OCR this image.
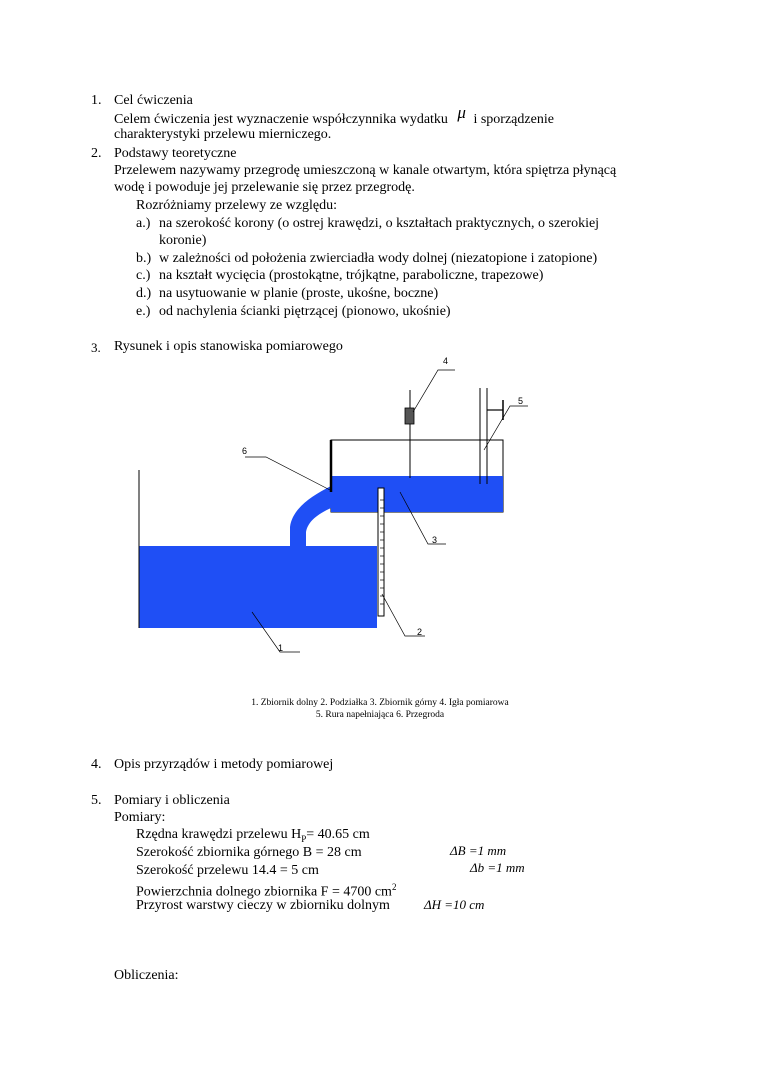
1. Cel ćwiczenia
Celem ćwiczenia jest wyznaczenie współczynnika wydatku μ i sporządzenie
charakterystyki przelewu mierniczego.
2. Podstawy teoretyczne
Przelewem nazywamy przegrodę umieszczoną w kanale otwartym, która spiętrza płynącą
wodę i powoduje jej przelewanie się przez przegrodę.
Rozróżniamy przelewy ze względu:
a.) na szerokość korony (o ostrej krawędzi, o kształtach praktycznych, o szerokiej
koronie)
b.) w zależności od położenia zwierciadła wody dolnej (niezatopione i zatopione)
c.) na kształt wycięcia (prostokątne, trójkątne, paraboliczne, trapezowe)
d.) na usytuowanie w planie (proste, ukośne, boczne)
e.) od nachylenia ścianki piętrzącej (pionowo, ukośnie)
3. Rysunek i opis stanowiska pomiarowego
1
2
3
4
5
6
1. Zbiornik dolny 2. Podziałka 3. Zbiornik górny 4. Igła pomiarowa
5. Rura napełniająca 6. Przegroda
4. Opis przyrządów i metody pomiarowej
5. Pomiary i obliczenia
Pomiary:
Rzędna krawędzi przelewu $H_P= 40.65$ cm
Szerokość zbiornika górnego B = 28 cm	ΔB =1 mm
Szerokość przelewu 14.4 = 5 cm	Δb =1 mm
Powierzchnia dolnego zbiornika F = 4700 $cm^2$
Przyrost warstwy cieczy w zbiorniku dolnym	ΔH =10 cm
Obliczenia:
